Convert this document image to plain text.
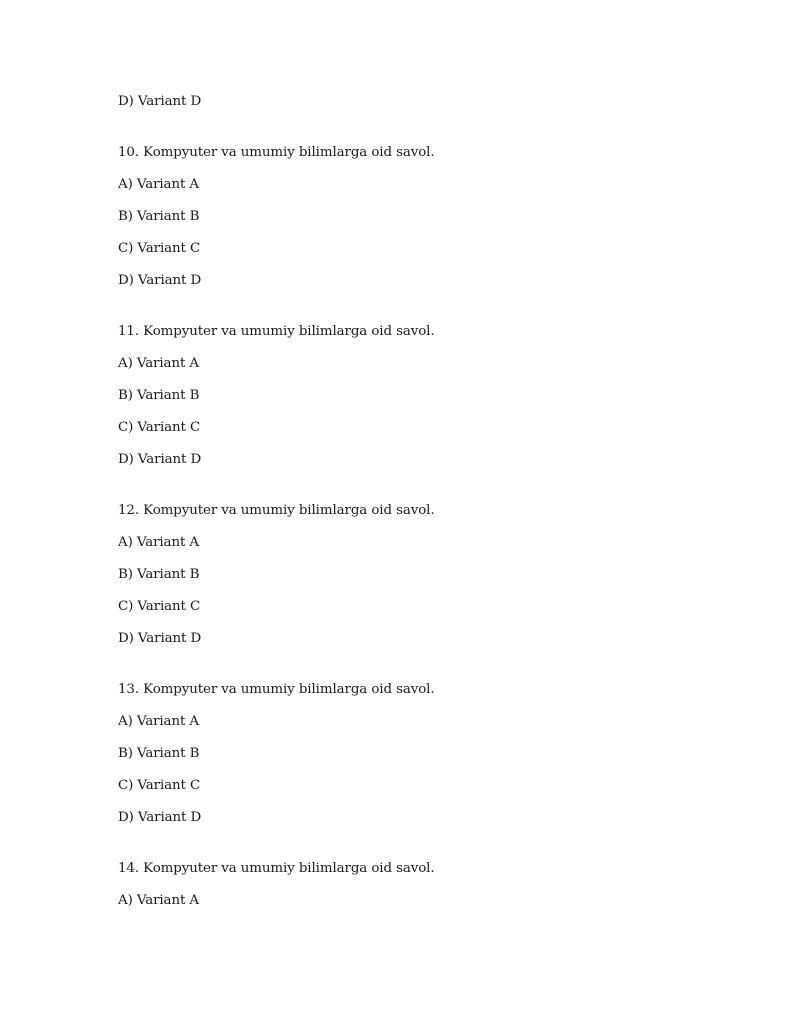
D) Variant D
10. Kompyuter va umumiy bilimlarga oid savol.
A) Variant A
B) Variant B
C) Variant C
D) Variant D
11. Kompyuter va umumiy bilimlarga oid savol.
A) Variant A
B) Variant B
C) Variant C
D) Variant D
12. Kompyuter va umumiy bilimlarga oid savol.
A) Variant A
B) Variant B
C) Variant C
D) Variant D
13. Kompyuter va umumiy bilimlarga oid savol.
A) Variant A
B) Variant B
C) Variant C
D) Variant D
14. Kompyuter va umumiy bilimlarga oid savol.
A) Variant A
